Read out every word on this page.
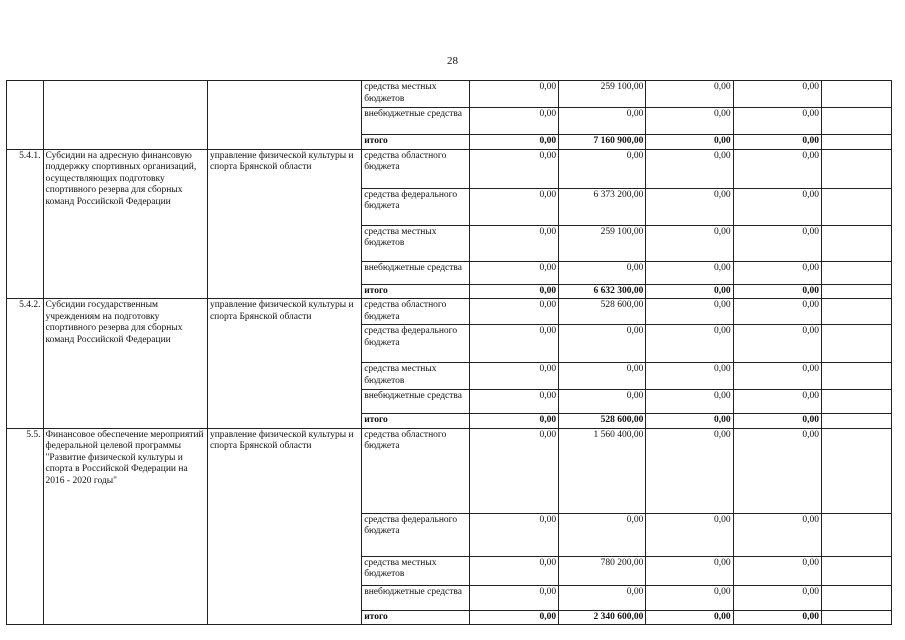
28
			средства местных бюджетов	0,00	259 100,00	0,00	0,00	
			внебюджетные средства	0,00	0,00	0,00	0,00	
			итого	0,00	7 160 900,00	0,00	0,00	
5.4.1.	Субсидии на адресную финансовую поддержку спортивных организаций, осуществляющих подготовку спортивного резерва для сборных команд Российской Федерации	управление физической культуры и спорта Брянской области	средства областного бюджета	0,00	0,00	0,00	0,00	
			средства федерального бюджета	0,00	6 373 200,00	0,00	0,00	
			средства местных бюджетов	0,00	259 100,00	0,00	0,00	
			внебюджетные средства	0,00	0,00	0,00	0,00	
			итого	0,00	6 632 300,00	0,00	0,00	
5.4.2.	Субсидии государственным учреждениям на подготовку спортивного резерва для сборных команд Российской Федерации	управление физической культуры и спорта Брянской области	средства областного бюджета	0,00	528 600,00	0,00	0,00	
			средства федерального бюджета	0,00	0,00	0,00	0,00	
			средства местных бюджетов	0,00	0,00	0,00	0,00	
			внебюджетные средства	0,00	0,00	0,00	0,00	
			итого	0,00	528 600,00	0,00	0,00	
5.5.	Финансовое обеспечение мероприятий федеральной целевой программы "Развитие физической культуры и спорта в Российской Федерации на 2016 - 2020 годы"	управление физической культуры и спорта Брянской области	средства областного бюджета	0,00	1 560 400,00	0,00	0,00	
			средства федерального бюджета	0,00	0,00	0,00	0,00	
			средства местных бюджетов	0,00	780 200,00	0,00	0,00	
			внебюджетные средства	0,00	0,00	0,00	0,00	
			итого	0,00	2 340 600,00	0,00	0,00	
